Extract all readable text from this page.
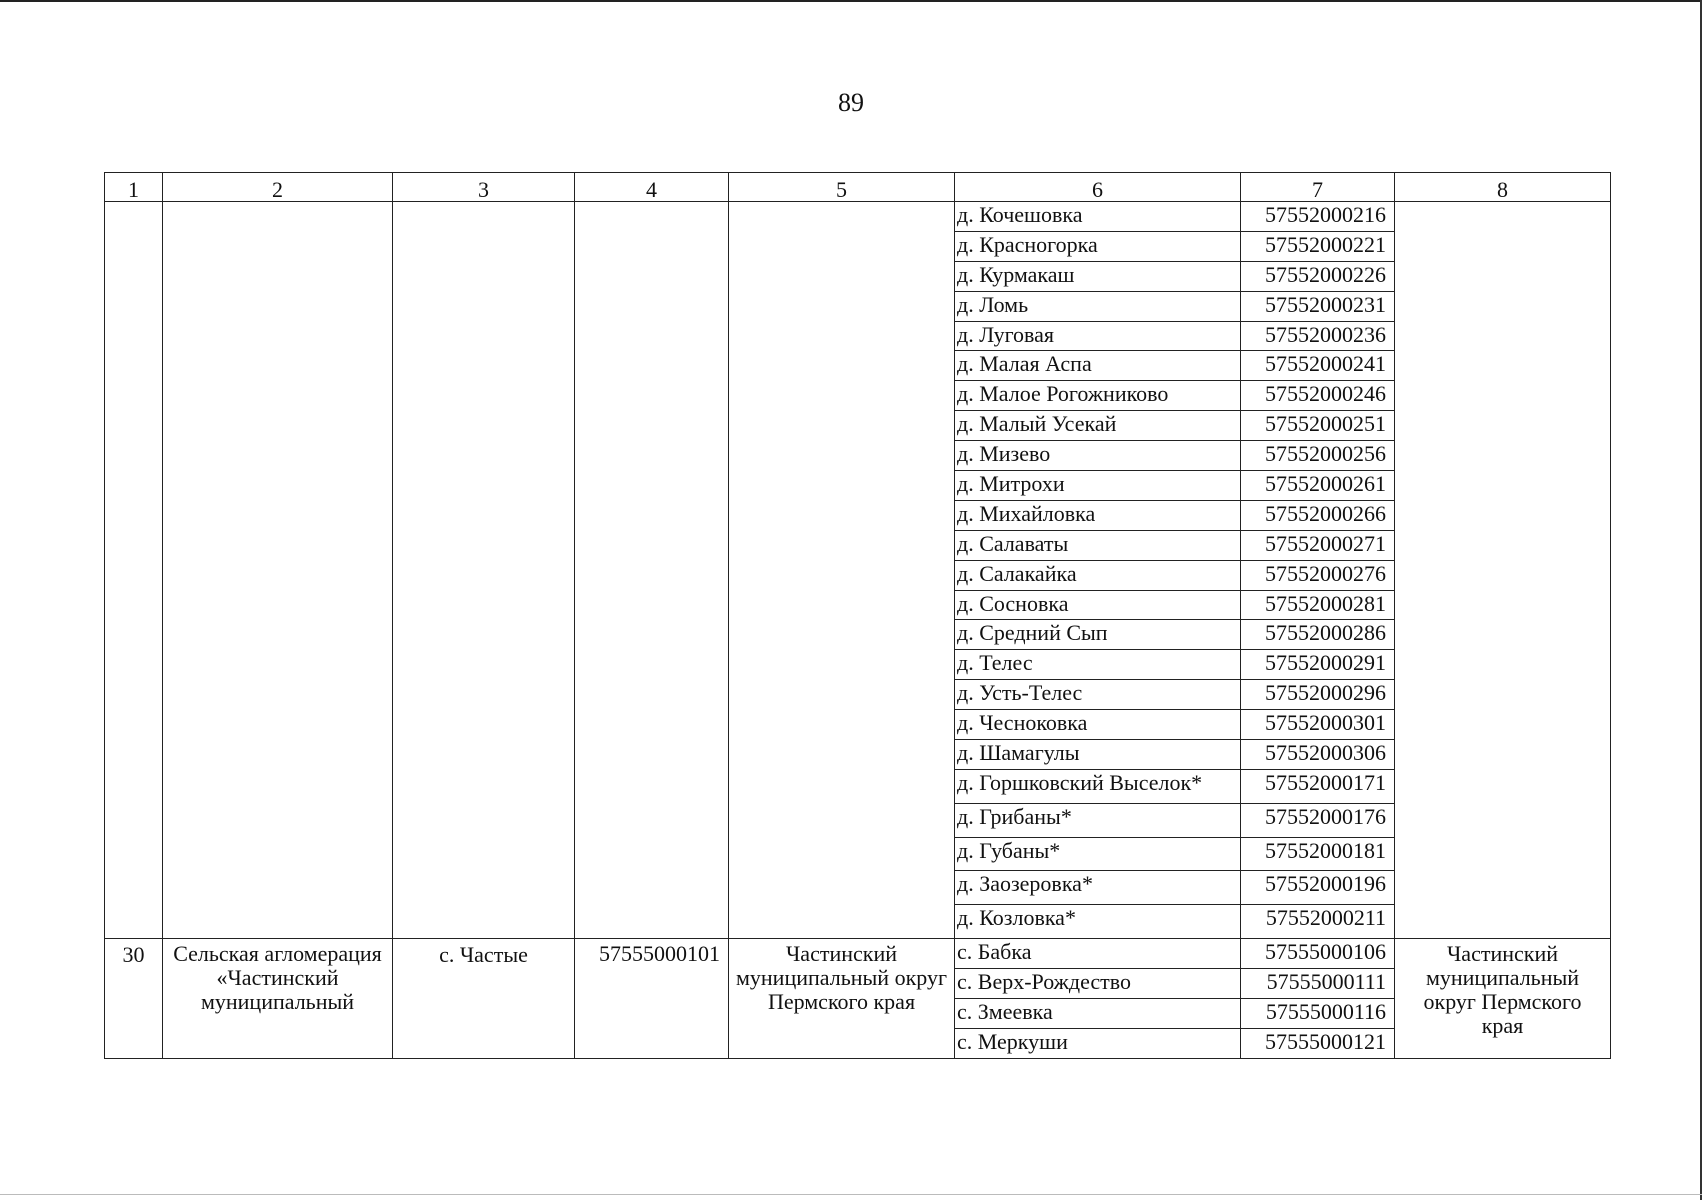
89
1	2	3	4	5	6	7	8
					д. Кочешовка	57552000216	
					д. Красногорка	57552000221	
					д. Курмакаш	57552000226	
					д. Ломь	57552000231	
					д. Луговая	57552000236	
					д. Малая Аспа	57552000241	
					д. Малое Рогожниково	57552000246	
					д. Малый Усекай	57552000251	
					д. Мизево	57552000256	
					д. Митрохи	57552000261	
					д. Михайловка	57552000266	
					д. Салаваты	57552000271	
					д. Салакайка	57552000276	
					д. Сосновка	57552000281	
					д. Средний Сып	57552000286	
					д. Телес	57552000291	
					д. Усть-Телес	57552000296	
					д. Чесноковка	57552000301	
					д. Шамагулы	57552000306	
					д. Горшковский Выселок*	57552000171	
					д. Грибаны*	57552000176	
					д. Губаны*	57552000181	
					д. Заозеровка*	57552000196	
					д. Козловка*	57552000211	
30	Сельская агломерация «Частинский муниципальный	с. Частые	57555000101	Частинский муниципальный округ Пермского края	с. Бабка	57555000106	Частинский муниципальный округ Пермского края
					с. Верх-Рождество	57555000111	
					с. Змеевка	57555000116	
					с. Меркуши	57555000121	
